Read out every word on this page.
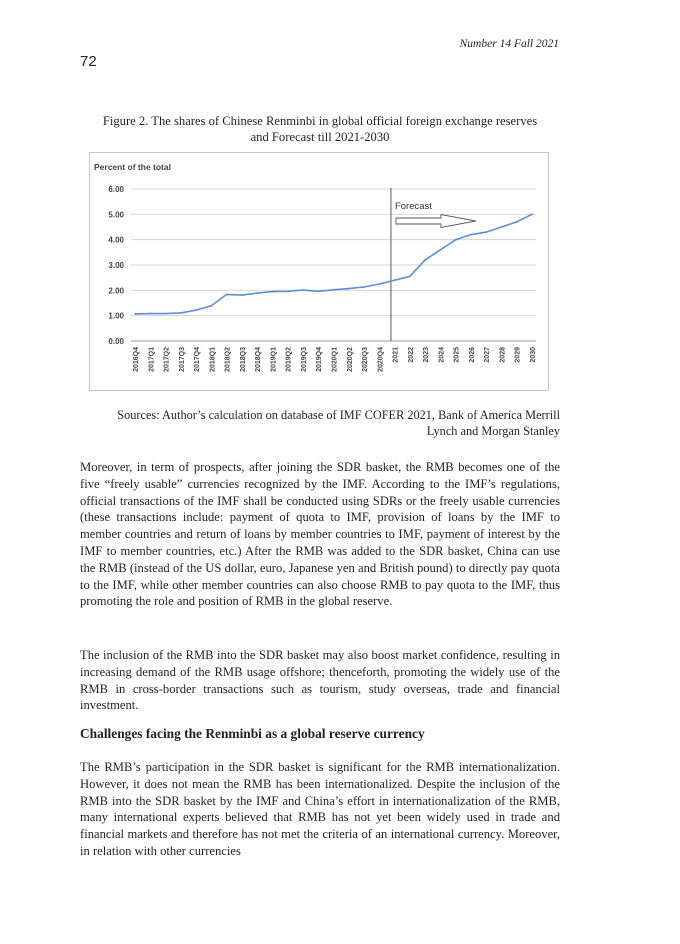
Number 14 Fall 2021
72
Figure 2. The shares of Chinese Renminbi in global official foreign exchange reserves
and Forecast till 2021-2030
Percent of the total
6.00
5.00
4.00
3.00
2.00
1.00
0.00
2016Q4 2017Q1 2017Q2 2017Q3 2017Q4 2018Q1 2018Q2 2018Q3 2018Q4 2019Q1 2019Q2 2019Q3 2019Q4 2020Q1 2020Q2 2020Q3 2020Q4 2021 2022 2023 2024 2025 2026 2027 2028 2029 2030
Forecast
Sources: Author’s calculation on database of IMF COFER 2021, Bank of America Merrill
Lynch and Morgan Stanley

Moreover, in term of prospects, after joining the SDR basket, the RMB becomes one of the five “freely usable” currencies recognized by the IMF. According to the IMF’s regulations, official transactions of the IMF shall be conducted using SDRs or the freely usable currencies (these transactions include: payment of quota to IMF, provision of loans by the IMF to member countries and return of loans by member countries to IMF, payment of interest by the IMF to member countries, etc.) After the RMB was added to the SDR basket, China can use the RMB (instead of the US dollar, euro, Japanese yen and British pound) to directly pay quota to the IMF, while other member countries can also choose RMB to pay quota to the IMF, thus promoting the role and position of RMB in the global reserve.

The inclusion of the RMB into the SDR basket may also boost market confidence, resulting in increasing demand of the RMB usage offshore; thenceforth, promoting the widely use of the RMB in cross-border transactions such as tourism, study overseas, trade and financial investment.

Challenges facing the Renminbi as a global reserve currency

The RMB’s participation in the SDR basket is significant for the RMB internationalization. However, it does not mean the RMB has been internationalized. Despite the inclusion of the RMB into the SDR basket by the IMF and China’s effort in internationalization of the RMB, many international experts believed that RMB has not yet been widely used in trade and financial markets and therefore has not met the criteria of an international currency. Moreover, in relation with other currencies
